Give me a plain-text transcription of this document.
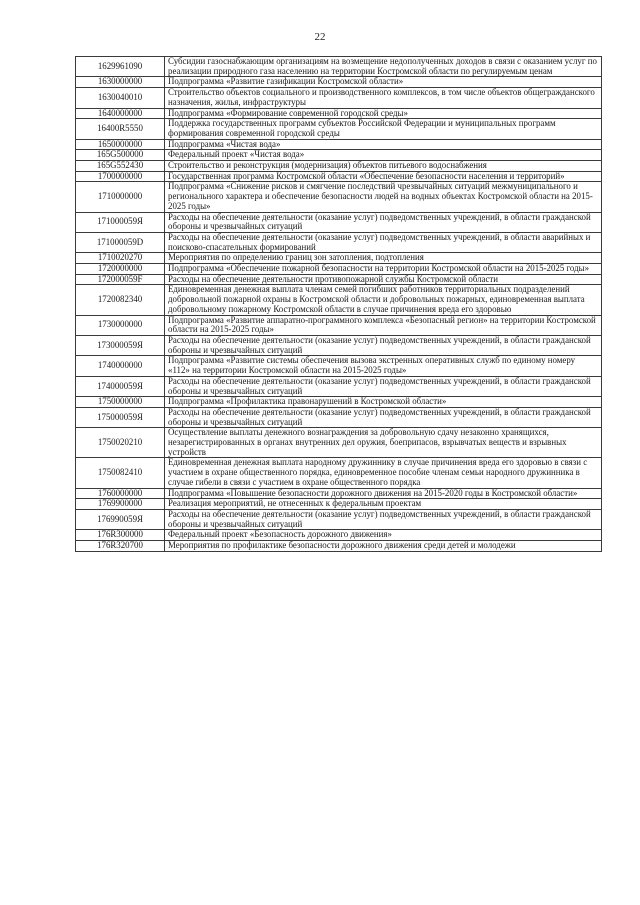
22
1629961090	Субсидии газоснабжающим организациям на возмещение недополученных доходов в связи с оказанием услуг по реализации природного газа населению на территории Костромской области по регулируемым ценам
1630000000	Подпрограмма «Развитие газификации Костромской области»
1630040010	Строительство объектов социального и производственного комплексов, в том числе объектов общегражданского назначения, жилья, инфраструктуры
1640000000	Подпрограмма «Формирование современной городской среды»
16400R5550	Поддержка государственных программ субъектов Российской Федерации и муниципальных программ формирования современной городской среды
1650000000	Подпрограмма «Чистая вода»
165G500000	Федеральный проект «Чистая вода»
165G552430	Строительство и реконструкция (модернизация) объектов питьевого водоснабжения
1700000000	Государственная программа Костромской области «Обеспечение безопасности населения и территорий»
1710000000	Подпрограмма «Снижение рисков и смягчение последствий чрезвычайных ситуаций межмуниципального и регионального характера и обеспечение безопасности людей на водных объектах Костромской области на 2015-2025 годы»
171000059Я	Расходы на обеспечение деятельности (оказание услуг) подведомственных учреждений, в области гражданской обороны и чрезвычайных ситуаций
171000059D	Расходы на обеспечение деятельности (оказание услуг) подведомственных учреждений, в области аварийных и поисково-спасательных формирований
1710020270	Мероприятия по определению границ зон затопления, подтопления
1720000000	Подпрограмма «Обеспечение пожарной безопасности на территории Костромской области на 2015-2025 годы»
172000059F	Расходы на обеспечение деятельности противопожарной службы Костромской области
1720082340	Единовременная денежная выплата членам семей погибших работников территориальных подразделений добровольной пожарной охраны в Костромской области и добровольных пожарных, единовременная выплата добровольному пожарному Костромской области в случае причинения вреда его здоровью
1730000000	Подпрограмма «Развитие аппаратно-программного комплекса «Безопасный регион» на территории Костромской области на 2015-2025 годы»
173000059Я	Расходы на обеспечение деятельности (оказание услуг) подведомственных учреждений, в области гражданской обороны и чрезвычайных ситуаций
1740000000	Подпрограмма «Развитие системы обеспечения вызова экстренных оперативных служб по единому номеру «112» на территории Костромской области на 2015-2025 годы»
174000059Я	Расходы на обеспечение деятельности (оказание услуг) подведомственных учреждений, в области гражданской обороны и чрезвычайных ситуаций
1750000000	Подпрограмма «Профилактика правонарушений в Костромской области»
175000059Я	Расходы на обеспечение деятельности (оказание услуг) подведомственных учреждений, в области гражданской обороны и чрезвычайных ситуаций
1750020210	Осуществление выплаты денежного вознаграждения за добровольную сдачу незаконно хранящихся, незарегистрированных в органах внутренних дел оружия, боеприпасов, взрывчатых веществ и взрывных устройств
1750082410	Единовременная денежная выплата народному дружиннику в случае причинения вреда его здоровью в связи с участием в охране общественного порядка, единовременное пособие членам семьи народного дружинника в случае гибели в связи с участием в охране общественного порядка
1760000000	Подпрограмма «Повышение безопасности дорожного движения на 2015-2020 годы в Костромской области»
1769900000	Реализация мероприятий, не отнесенных к федеральным проектам
176990059Я	Расходы на обеспечение деятельности (оказание услуг) подведомственных учреждений, в области гражданской обороны и чрезвычайных ситуаций
176R300000	Федеральный проект «Безопасность дорожного движения»
176R320700	Мероприятия по профилактике безопасности дорожного движения среди детей и молодежи
